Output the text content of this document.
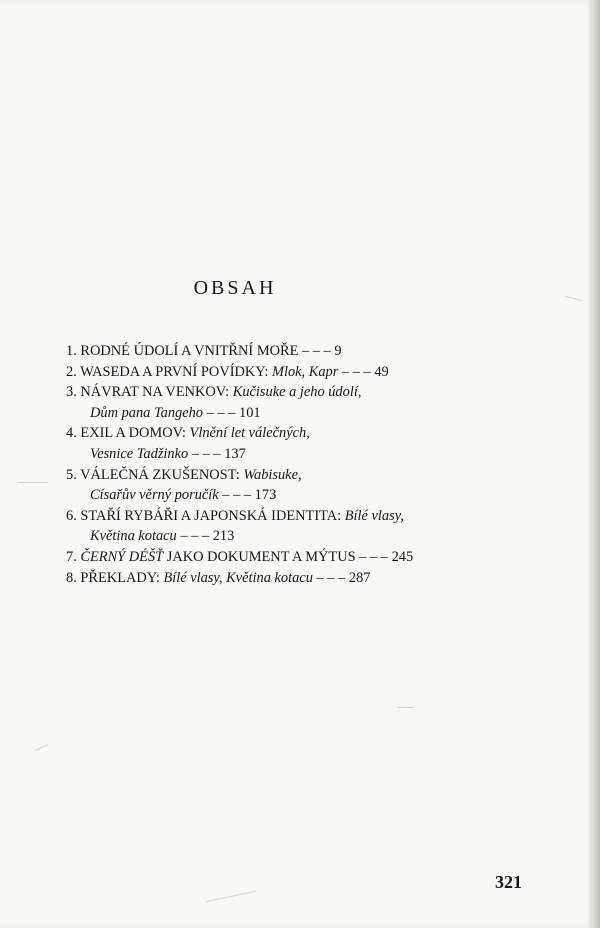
OBSAH
1. RODNÉ ÚDOLÍ A VNITŘNÍ MOŘE – – – 9
2. WASEDA A PRVNÍ POVÍDKY: Mlok, Kapr – – – 49
3. NÁVRAT NA VENKOV: Kučisuke a jeho údolí,
Dům pana Tangeho – – – 101
4. EXIL A DOMOV: Vlnění let válečných,
Vesnice Tadžinko – – – 137
5. VÁLEČNÁ ZKUŠENOST: Wabisuke,
Císařův věrný poručík – – – 173
6. STAŘÍ RYBÁŘI A JAPONSKÁ IDENTITA: Bílé vlasy,
Květina kotacu – – – 213
7. ČERNÝ DÉŠŤ JAKO DOKUMENT A MÝTUS – – – 245
8. PŘEKLADY: Bílé vlasy, Květina kotacu – – – 287
321
